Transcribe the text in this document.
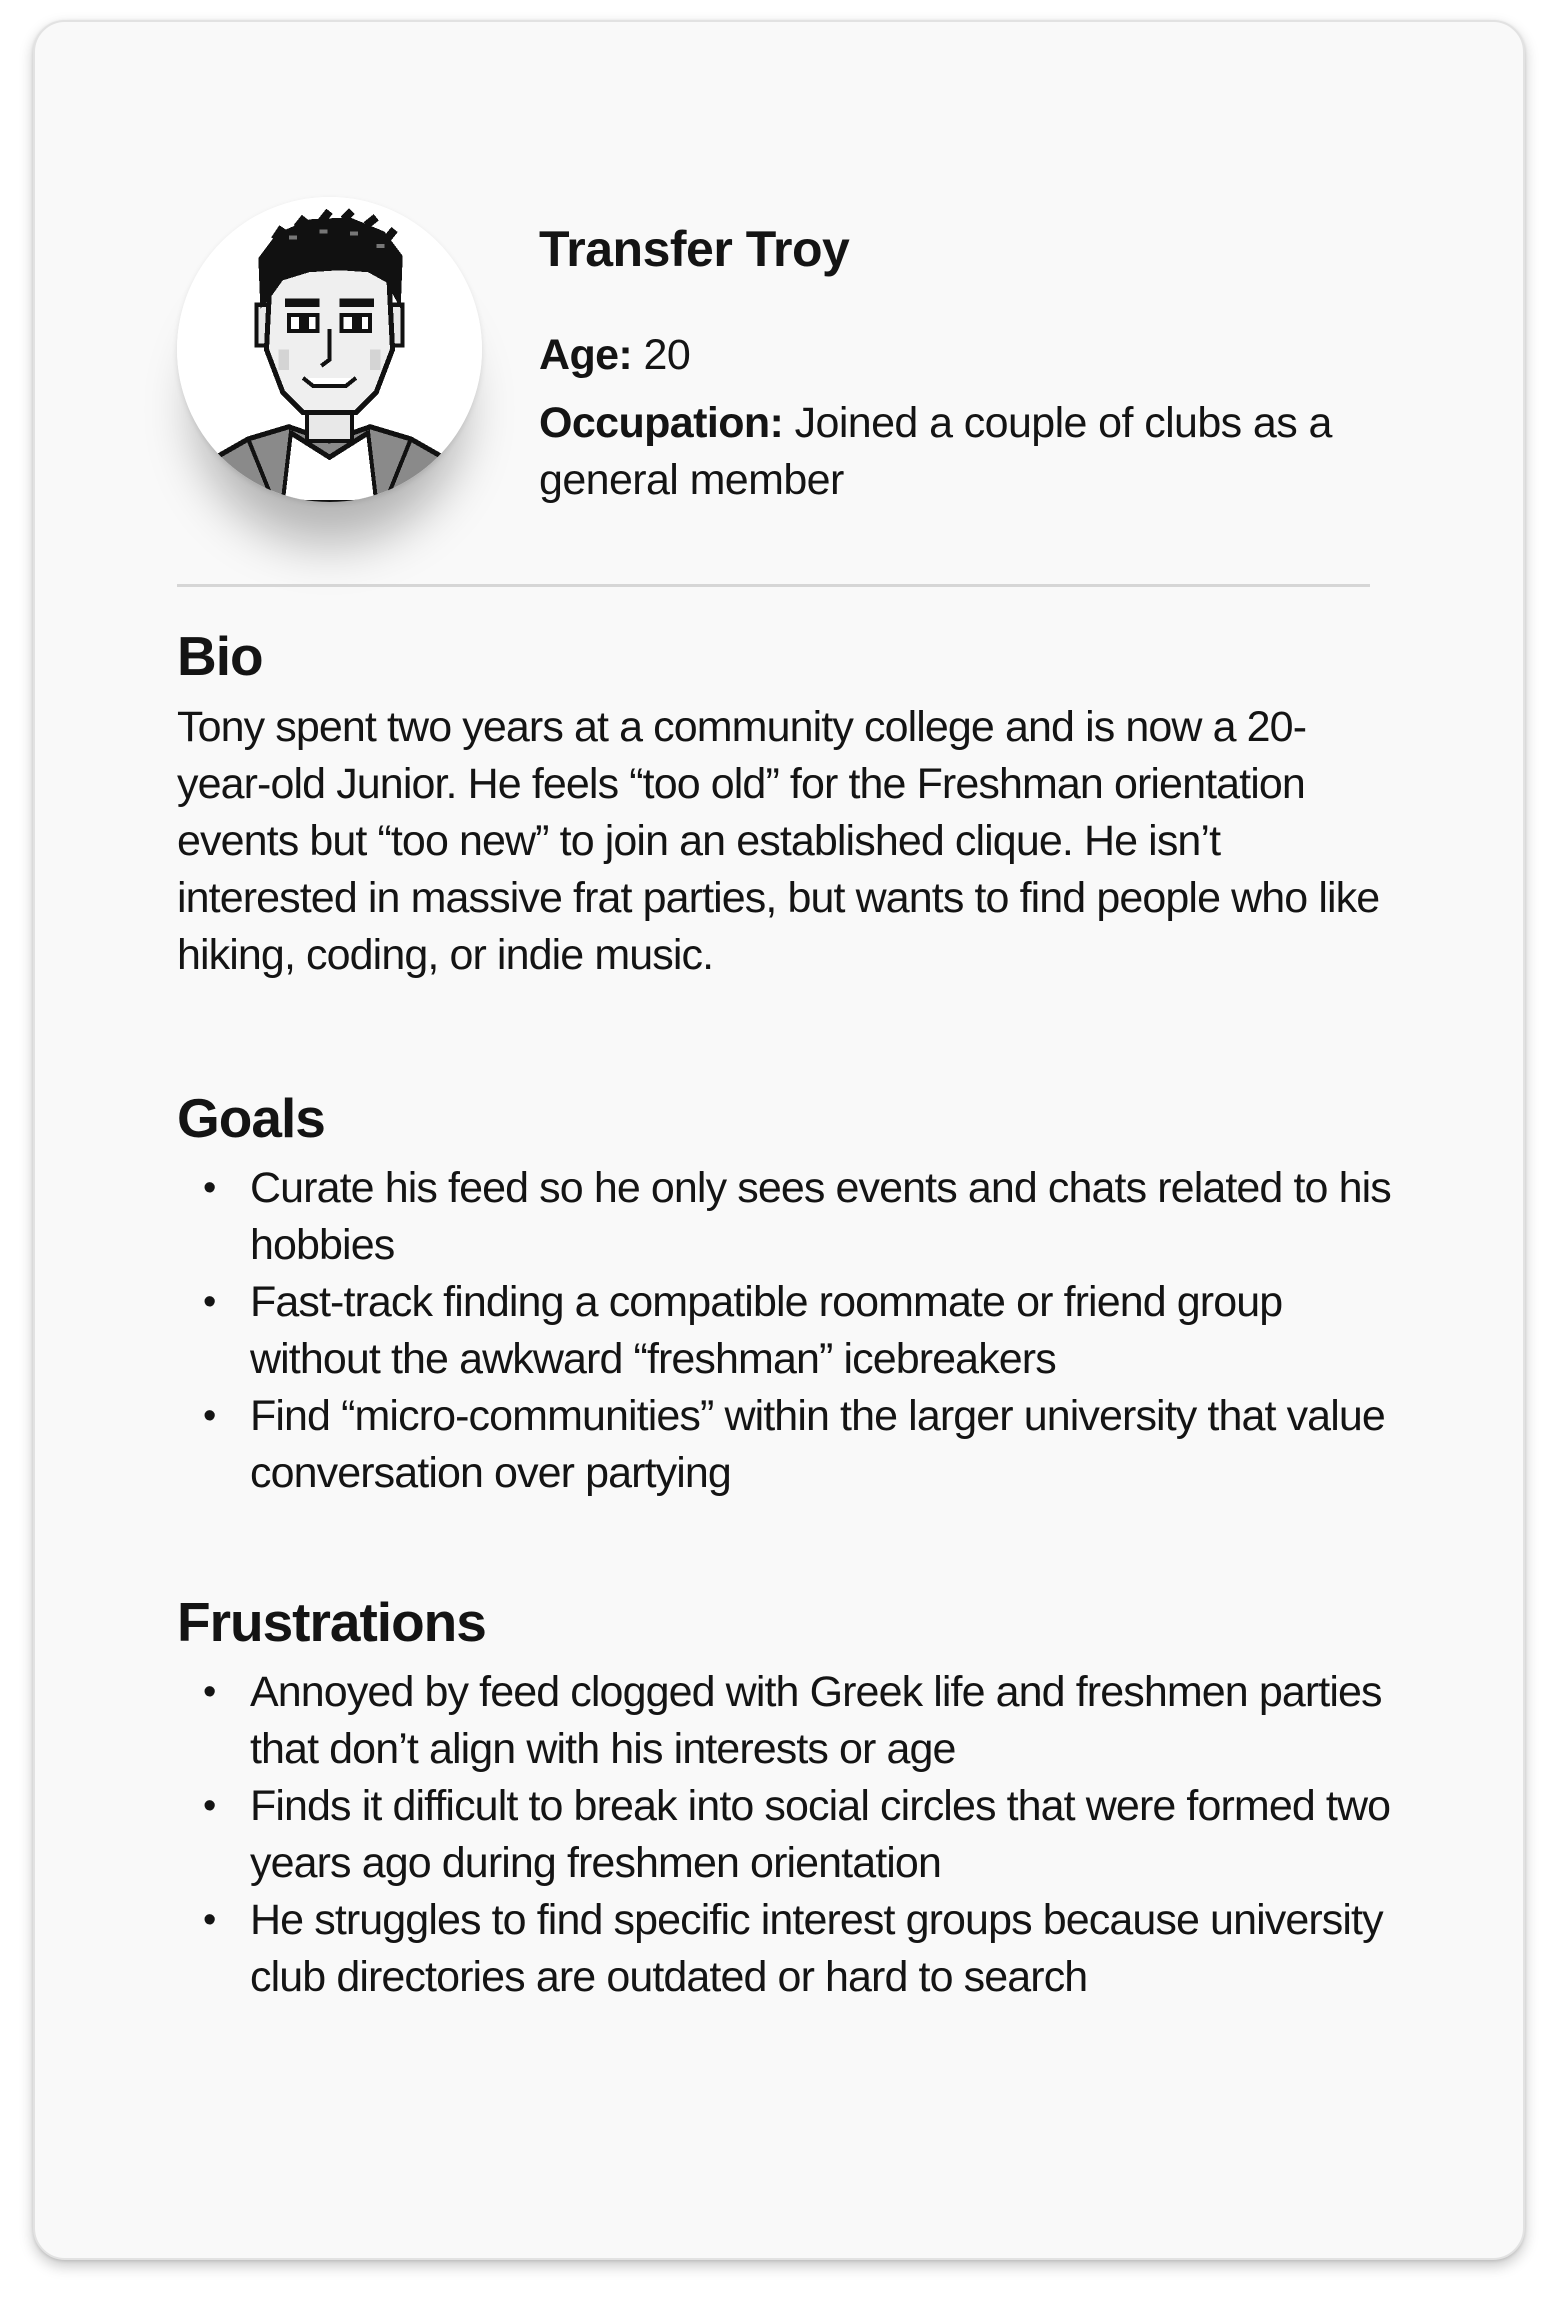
Transfer Troy

Age: 20

Occupation: Joined a couple of clubs as a general member

Bio

Tony spent two years at a community college and is now a 20-year-old Junior. He feels “too old” for the Freshman orientation events but “too new” to join an established clique. He isn’t interested in massive frat parties, but wants to find people who like hiking, coding, or indie music.

Goals
• Curate his feed so he only sees events and chats related to his hobbies
• Fast-track finding a compatible roommate or friend group without the awkward “freshman” icebreakers
• Find “micro-communities” within the larger university that value conversation over partying
Frustrations
• Annoyed by feed clogged with Greek life and freshmen parties that don’t align with his interests or age
• Finds it difficult to break into social circles that were formed two years ago during freshmen orientation
• He struggles to find specific interest groups because university club directories are outdated or hard to search
